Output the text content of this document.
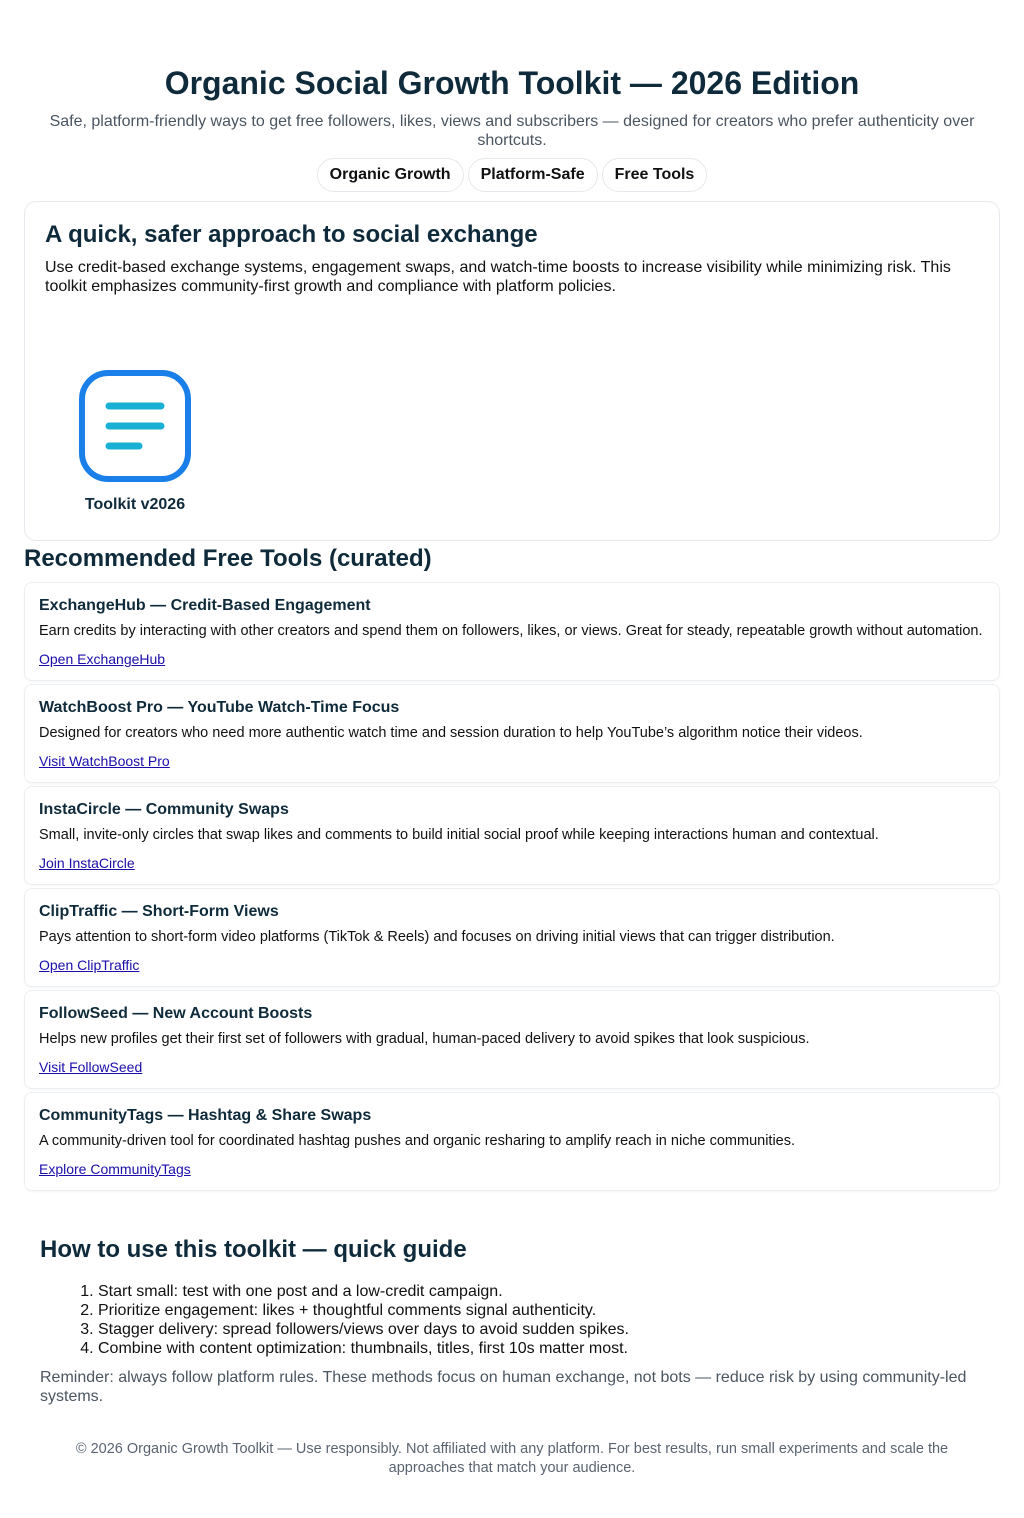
Organic Social Growth Toolkit — 2026 Edition

Safe, platform-friendly ways to get free followers, likes, views and subscribers — designed for creators who prefer authenticity over shortcuts.

Organic Growth	Platform-Safe	Free Tools
A quick, safer approach to social exchange

Use credit-based exchange systems, engagement swaps, and watch-time boosts to increase visibility while minimizing risk. This toolkit emphasizes community-first growth and compliance with platform policies.

Toolkit v2026
Recommended Free Tools (curated)
ExchangeHub — Credit-Based Engagement

Earn credits by interacting with other creators and spend them on followers, likes, or views. Great for steady, repeatable growth without automation.

Open ExchangeHub
WatchBoost Pro — YouTube Watch-Time Focus

Designed for creators who need more authentic watch time and session duration to help YouTube’s algorithm notice their videos.

Visit WatchBoost Pro
InstaCircle — Community Swaps

Small, invite-only circles that swap likes and comments to build initial social proof while keeping interactions human and contextual.

Join InstaCircle
ClipTraffic — Short-Form Views

Pays attention to short-form video platforms (TikTok & Reels) and focuses on driving initial views that can trigger distribution.

Open ClipTraffic
FollowSeed — New Account Boosts

Helps new profiles get their first set of followers with gradual, human-paced delivery to avoid spikes that look suspicious.

Visit FollowSeed
CommunityTags — Hashtag & Share Swaps

A community-driven tool for coordinated hashtag pushes and organic resharing to amplify reach in niche communities.

Explore CommunityTags
How to use this toolkit — quick guide
1. Start small: test with one post and a low-credit campaign.
2. Prioritize engagement: likes + thoughtful comments signal authenticity.
3. Stagger delivery: spread followers/views over days to avoid sudden spikes.
4. Combine with content optimization: thumbnails, titles, first 10s matter most.

Reminder: always follow platform rules. These methods focus on human exchange, not bots — reduce risk by using community-led systems.

© 2026 Organic Growth Toolkit — Use responsibly. Not affiliated with any platform. For best results, run small experiments and scale the approaches that match your audience.
